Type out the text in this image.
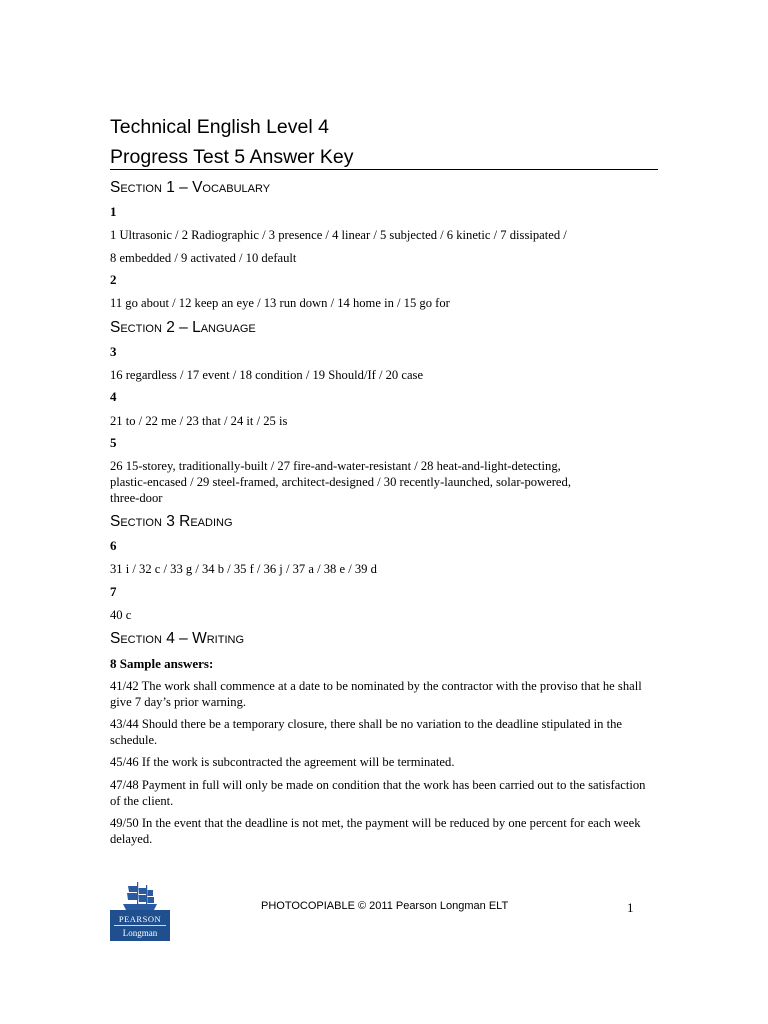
Technical English Level 4
Progress Test 5 Answer Key
Section 1 – Vocabulary
1
1 Ultrasonic / 2 Radiographic / 3 presence / 4 linear / 5 subjected / 6 kinetic / 7 dissipated /
8 embedded / 9 activated / 10 default
2
11 go about / 12 keep an eye / 13 run down / 14 home in / 15 go for
Section 2 – Language
3
16 regardless / 17 event / 18 condition / 19 Should/If / 20 case
4
21 to / 22 me / 23 that / 24 it / 25 is
5
26 15-storey, traditionally-built / 27 fire-and-water-resistant / 28 heat-and-light-detecting,
plastic-encased / 29 steel-framed, architect-designed / 30 recently-launched, solar-powered,
three-door
Section 3 Reading
6
31 i / 32 c / 33 g / 34 b / 35 f / 36 j / 37 a / 38 e / 39 d
7
40 c
Section 4 – Writing
8 Sample answers:
41/42 The work shall commence at a date to be nominated by the contractor with the proviso that he shall give 7 day’s prior warning.
43/44 Should there be a temporary closure, there shall be no variation to the deadline stipulated in the schedule.
45/46 If the work is subcontracted the agreement will be terminated.
47/48 Payment in full will only be made on condition that the work has been carried out to the satisfaction of the client.
49/50 In the event that the deadline is not met, the payment will be reduced by one percent for each week delayed.
PEARSON
Longman
PHOTOCOPIABLE © 2011 Pearson Longman ELT	1
